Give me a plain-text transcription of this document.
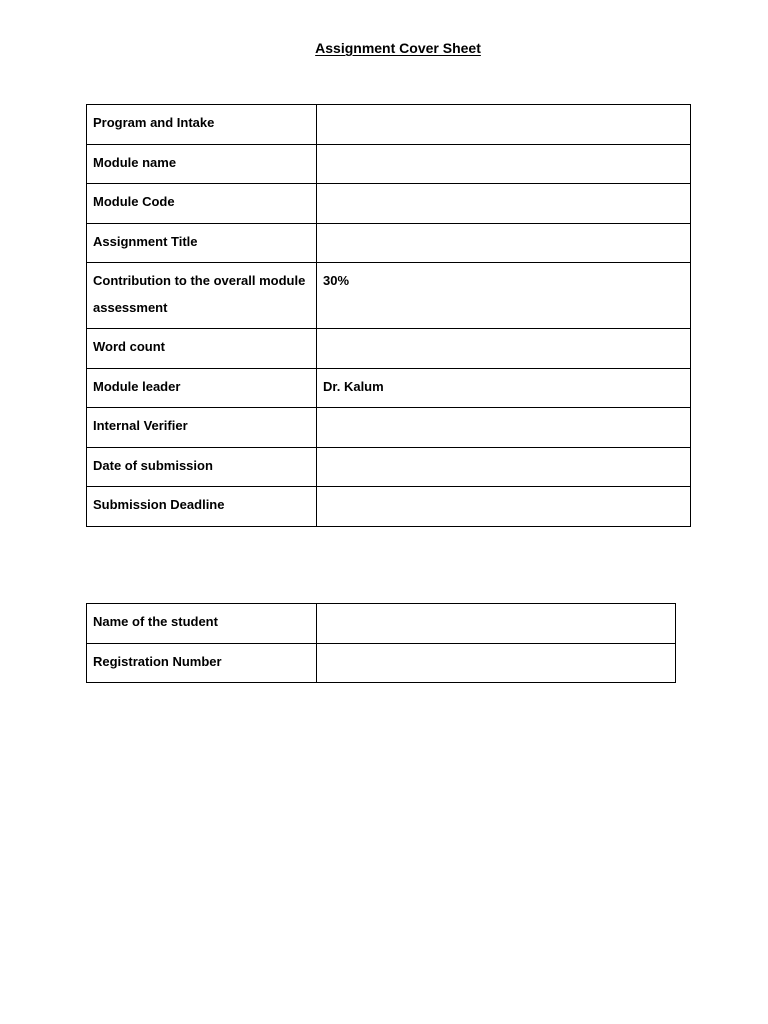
Assignment Cover Sheet
Program and Intake	
Module name	
Module Code	
Assignment Title	
Contribution to the overall module assessment	30%
Word count	
Module leader	Dr. Kalum
Internal Verifier	
Date of submission	
Submission Deadline	
Name of the student	
Registration Number	
